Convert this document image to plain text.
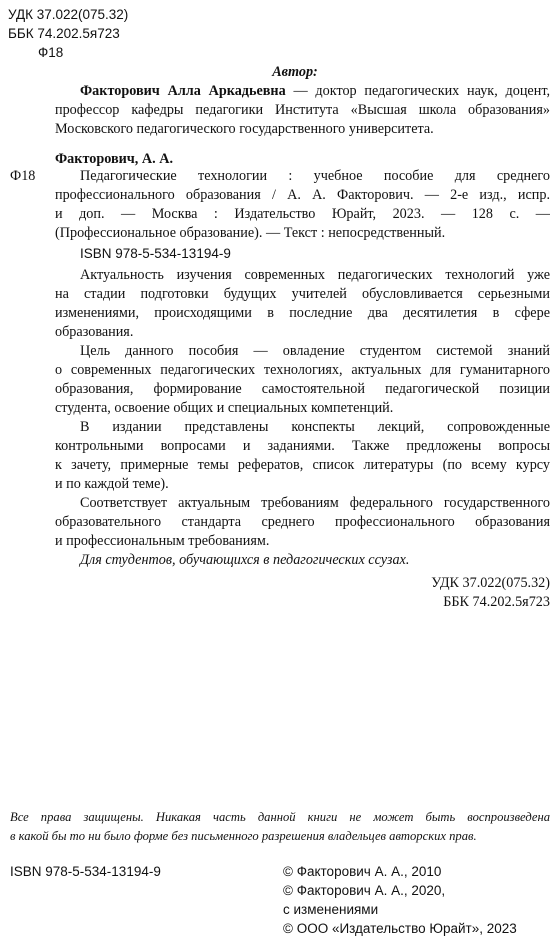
УДК 37.022(075.32)
ББК 74.202.5я723
Ф18
Автор:
Факторович Алла Аркадьевна — доктор педагогических наук, доцент,
профессор кафедры педагогики Института «Высшая школа образования»
Московского педагогического государственного университета.
Факторович, А. А.
Ф18	Педагогические технологии : учебное пособие для среднего
профессионального образования / А. А. Факторович. — 2-е изд., испр.
и доп. — Москва : Издательство Юрайт, 2023. — 128 с. —
(Профессиональное образование). — Текст : непосредственный.
ISBN 978-5-534-13194-9
Актуальность изучения современных педагогических технологий уже
на стадии подготовки будущих учителей обусловливается серьезными
изменениями, происходящими в последние два десятилетия в сфере
образования.
Цель данного пособия — овладение студентом системой знаний
о современных педагогических технологиях, актуальных для гуманитарного
образования, формирование самостоятельной педагогической позиции
студента, освоение общих и специальных компетенций.
В издании представлены конспекты лекций, сопровожденные
контрольными вопросами и заданиями. Также предложены вопросы
к зачету, примерные темы рефератов, список литературы (по всему курсу
и по каждой теме).
Соответствует актуальным требованиям федерального государственного
образовательного стандарта среднего профессионального образования
и профессиональным требованиям.
Для студентов, обучающихся в педагогических ссузах.
УДК 37.022(075.32)
ББК 74.202.5я723
Все права защищены. Никакая часть данной книги не может быть воспроизведена
в какой бы то ни было форме без письменного разрешения владельцев авторских прав.
ISBN 978-5-534-13194-9	© Факторович А. А., 2010
© Факторович А. А., 2020,
с изменениями
© ООО «Издательство Юрайт», 2023
